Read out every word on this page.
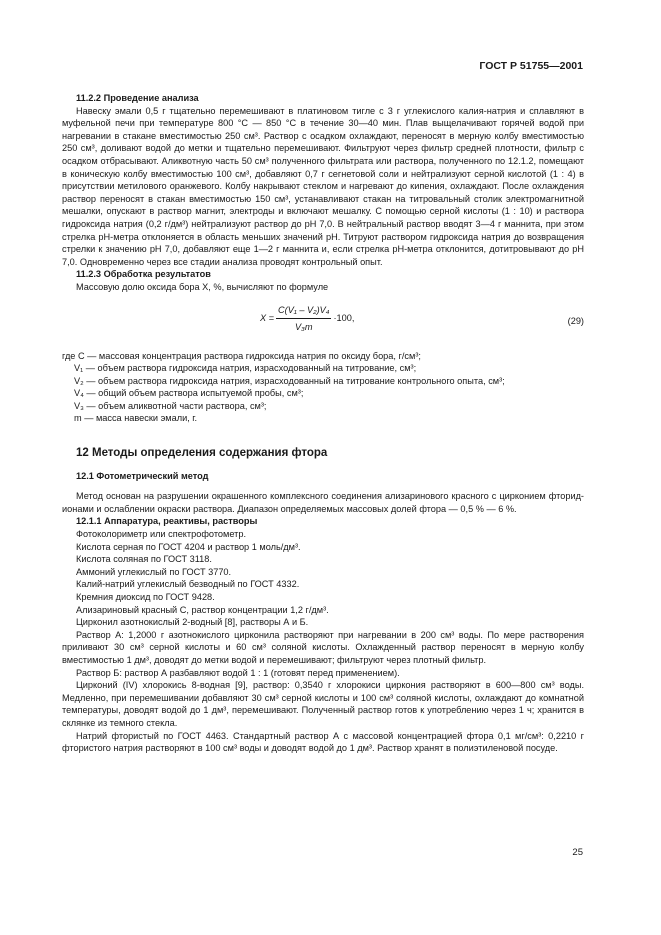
ГОСТ Р 51755—2001

11.2.2 Проведение анализа

Навеску эмали 0,5 г тщательно перемешивают в платиновом тигле с 3 г углекислого калия-натрия и сплавляют в муфельной печи при температуре 800 °С — 850 °С в течение 30—40 мин. Плав выщелачивают горячей водой при нагревании в стакане вместимостью 250 см³. Раствор с осадком охлаждают, переносят в мерную колбу вместимостью 250 см³, доливают водой до метки и тщательно перемешивают. Фильтруют через фильтр средней плотности, фильтр с осадком отбрасывают. Аликвотную часть 50 см³ полученного фильтрата или раствора, полученного по 12.1.2, помещают в коническую колбу вместимостью 100 см³, добавляют 0,7 г сегнетовой соли и нейтрализуют серной кислотой (1 : 4) в присутствии метилового оранжевого. Колбу накрывают стеклом и нагревают до кипения, охлаждают. После охлаждения раствор переносят в стакан вместимостью 150 см³, устанавливают стакан на титровальный столик электромагнитной мешалки, опускают в раствор магнит, электроды и включают мешалку. С помощью серной кислоты (1 : 10) и раствора гидроксида натрия (0,2 г/дм³) нейтрализуют раствор до рН 7,0. В нейтральный раствор вводят 3—4 г маннита, при этом стрелка рН-метра отклоняется в область меньших значений рН. Титруют раствором гидроксида натрия до возвращения стрелки к значению рН 7,0, добавляют еще 1—2 г маннита и, если стрелка рН-метра отклонится, дотитровывают до рН 7,0. Одновременно через все стадии анализа проводят контрольный опыт.

11.2.3 Обработка результатов

Массовую долю оксида бора X, %, вычисляют по формуле

$X = \frac{\text{C(V₁ – V₂)V₄}}{\text{V₃m}} \cdot 100$,	(29)

где C — массовая концентрация раствора гидроксида натрия по оксиду бора, г/см³;

V₁ — объем раствора гидроксида натрия, израсходованный на титрование, см³;

V₂ — объем раствора гидроксида натрия, израсходованный на титрование контрольного опыта, см³;

V₄ — общий объем раствора испытуемой пробы, см³;

V₃ — объем аликвотной части раствора, см³;

m — масса навески эмали, г.

12 Методы определения содержания фтора
12.1 Фотометрический метод

Метод основан на разрушении окрашенного комплексного соединения ализаринового красного с цирконием фторид-ионами и ослаблении окраски раствора. Диапазон определяемых массовых долей фтора — 0,5 % — 6 %.

12.1.1 Аппаратура, реактивы, растворы

Фотоколориметр или спектрофотометр.

Кислота серная по ГОСТ 4204 и раствор 1 моль/дм³.

Кислота соляная по ГОСТ 3118.

Аммоний углекислый по ГОСТ 3770.

Калий-натрий углекислый безводный по ГОСТ 4332.

Кремния диоксид по ГОСТ 9428.

Ализариновый красный С, раствор концентрации 1,2 г/дм³.

Цирконил азотнокислый 2-водный [8], растворы А и Б.

Раствор А: 1,2000 г азотнокислого цирконила растворяют при нагревании в 200 см³ воды. По мере растворения приливают 30 см³ серной кислоты и 60 см³ соляной кислоты. Охлажденный раствор переносят в мерную колбу вместимостью 1 дм³, доводят до метки водой и перемешивают; фильтруют через плотный фильтр.

Раствор Б: раствор А разбавляют водой 1 : 1 (готовят перед применением).

Цирконий (IV) хлорокись 8-водная [9], раствор: 0,3540 г хлорокиси циркония растворяют в 600—800 см³ воды. Медленно, при перемешивании добавляют 30 см³ серной кислоты и 100 см³ соляной кислоты, охлаждают до комнатной температуры, доводят водой до 1 дм³, перемешивают. Полученный раствор готов к употреблению через 1 ч; хранится в склянке из темного стекла.

Натрий фтористый по ГОСТ 4463. Стандартный раствор А с массовой концентрацией фтора 0,1 мг/см³: 0,2210 г фтористого натрия растворяют в 100 см³ воды и доводят водой до 1 дм³. Раствор хранят в полиэтиленовой посуде.

25
